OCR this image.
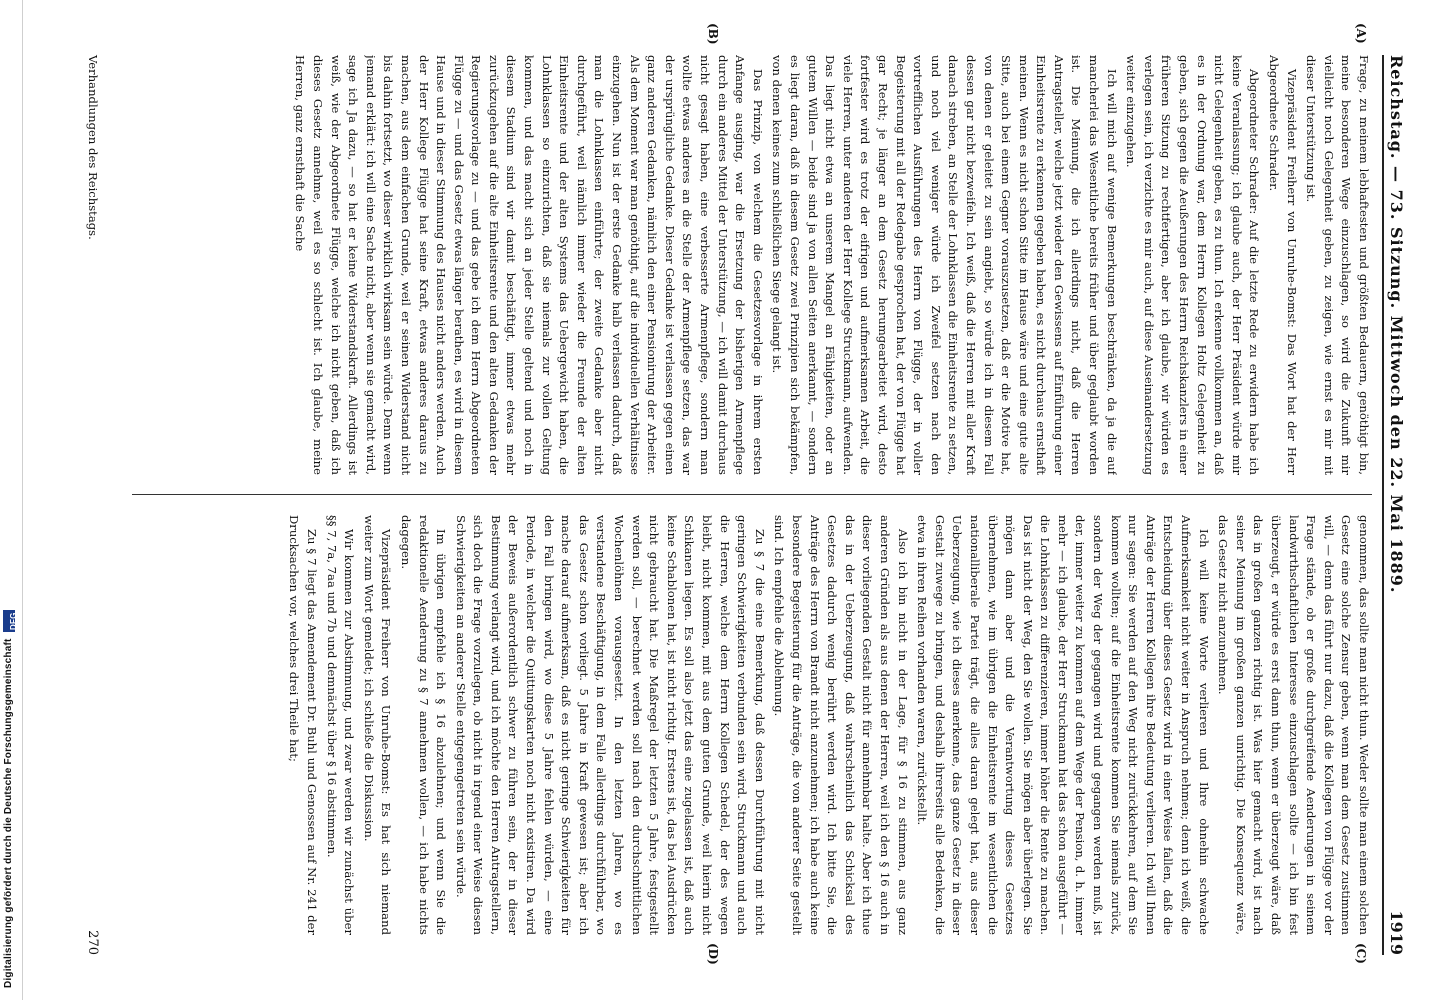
Digitalisierung gefördert durch die Deutsche Forschungsgemeinschaft
DFG
Reichstag. — 73. Sitzung. Mittwoch den 22. Mai 1889.
1919
(A)
(B)
(C)
(D)

Frage, zu meinem lebhaftesten und größten Bedauern, genöthigt bin, meine besonderen Wege einzuschlagen, so wird die Zukunft mir vielleicht noch Gelegenheit geben, zu zeigen, wie ernst es mir mit dieser Unterstützung ist.

Vizepräsident Freiherr von Unruhe-Bomst: Das Wort hat der Herr Abgeordnete Schrader.

Abgeordneter Schrader: Auf die letzte Rede zu erwidern habe ich keine Veranlassung; ich glaube auch, der Herr Präsident würde mir nicht Gelegenheit geben, es zu thun. Ich erkenne vollkommen an, daß es in der Ordnung war, dem Herrn Kollegen Holtz Gelegenheit zu geben, sich gegen die Aeußerungen des Herrn Reichskanzlers in einer früheren Sitzung zu rechtfertigen, aber ich glaube, wir würden es verlegen sein, ich verzichte es mir auch, auf diese Auseinandersetzung weiter einzugehen.

Ich will mich auf wenige Bemerkungen beschränken, da ja die auf mancherlei das Wesentliche bereits früher und über geglaubt worden ist. Die Meinung, die ich allerdings nicht, daß die Herren Antragsteller, welche jetzt wieder den Gewissens auf Einführung einer Einheitsrente zu erkennen gegeben haben, es nicht durchaus ernsthaft meinen. Wenn es nicht schon Sitte im Hause wäre und eine gute alte Sitte, auch bei einem Gegner vorauszusetzen, daß er die Motive hat, von denen er geleitet zu sein angiebt, so würde ich in diesem Fall dessen gar nicht bezweifeln. Ich weiß, daß die Herren mit aller Kraft danach streben, an Stelle der Lohnklassen die Einheitsrente zu setzen, und noch viel weniger würde ich Zweifel setzen nach den vortrefflichen Ausführungen des Herrn von Flügge, der in voller Begeisterung mit all der Redegabe gesprochen hat, der von Flügge hat gar Recht; je länger an dem Gesetz herumgearbeitet wird, desto fortfester wird es trotz der eifrigen und aufmerksamen Arbeit, die viele Herren, unter anderen der Herr Kollege Struckmann, aufwenden. Das liegt nicht etwa an unserem Mangel an Fähigkeiten, oder an gutem Willen — beide sind ja von allen Seiten anerkannt, — sondern es liegt daran, daß in diesem Gesetz zwei Prinzipien sich bekämpfen, von denen keines zum schließlichen Siege gelangt ist.

Das Prinzip, von welchem die Gesetzesvorlage in ihrem ersten Anfange ausging, war die Ersetzung der bisherigen Armenpflege durch ein anderes Mittel der Unterstützung, — ich will damit durchaus nicht gesagt haben, eine verbesserte Armenpflege, sondern man wollte etwas anderes an die Stelle der Armenpflege setzen, das war der ursprüngliche Gedanke. Dieser Gedanke ist verlassen gegen einen ganz anderen Gedanken, nämlich den einer Pensionirung der Arbeiter. Als dem Moment war man genöthigt, auf die individuellen Verhältnisse einzugehen. Nun ist der erste Gedanke halb verlassen dadurch, daß man die Lohnklassen einführte; der zweite Gedanke aber nicht durchgeführt, weil nämlich immer wieder die Freunde der alten Einheitsrente und der alten Systems das Uebergewicht haben, die Lohnklassen so einzurichten, daß sie niemals zur vollen Geltung kommen, und das macht sich an jeder Stelle geltend und noch in diesem Stadium sind wir damit beschäftigt, immer etwas mehr zurückzugehen auf die alte Einheitsrente und den alten Gedanken der Regierungsvorlage zu — und das gebe ich dem Herrn Abgeordneten Flügge zu — und das Gesetz etwas länger berathen, es wird in diesem Hause und in dieser Stimmung des Hauses nicht anders werden. Auch der Herr Kollege Flügge hat seine Kraft, etwas anderes daraus zu machen, aus dem einfachen Grunde, weil er seinen Widerstand nicht bis dahin fortsetzt, wo dieser wirklich wirksam sein würde. Denn wenn jemand erklärt: ich will eine Sache nicht, aber wenn sie gemacht wird, sage ich Ja dazu, — so hat er keine Widerstandskraft. Allerdings ist weiß, wie der Abgeordnete Flügge, welche ich nicht geben, daß ich dieses Gesetz annehme, weil es so schlecht ist. Ich glaube, meine Herren, ganz ernsthaft die Sache

genommen, das sollte man nicht thun. Weder sollte man einem solchen Gesetz eine solche Zensur geben, wenn man dem Gesetz zustimmen will, — denn das führt nur dazu, daß die Kollegen von Flügge vor der Frage stände, ob er große durchgreifende Aenderungen in seinem landwirthschaftlichen Interesse einzuschlagen sollte — ich bin fest überzeugt, er würde es erst dann thun, wenn er überzeugt wäre, daß das in großen ganzen richtig ist. Was hier gemacht wird, ist nach seiner Meinung im großen ganzen unrichtig. Die Konsequenz wäre, das Gesetz nicht anzunehmen.

Ich will keine Worte verlieren und Ihre ohnehin schwache Aufmerksamkeit nicht weiter in Anspruch nehmen; denn ich weiß, die Entscheidung über dieses Gesetz wird in einer Weise fallen, daß die Anträge der Herren Kollegen ihre Bedeutung verlieren. Ich will Ihnen nur sagen: Sie werden auf den Weg nicht zurückkehren, auf dem Sie kommen wollten; auf die Einheitsrente kommen Sie niemals zurück, sondern der Weg der gegangen wird und gegangen werden muß, ist der, immer weiter zu kommen auf dem Wege der Pension, d. h. immer mehr — ich glaube, der Herr Struckmann hat das schon ausgeführt — die Lohnklassen zu differenzieren, immer höher die Rente zu machen. Das ist nicht der Weg, den Sie wollen. Sie mögen aber überlegen. Sie mögen dann aber und die Verantwortung dieses Gesetzes übernehmen, wie im übrigen die Einheitsrente im wesentlichen die nationalliberale Partei trägt, die alles daran gelegt hat, aus dieser Ueberzeugung, wie ich dieses anerkenne, das ganze Gesetz in dieser Gestalt zuwege zu bringen, und deshalb ihrerseits alle Bedenken, die etwa in ihren Reihen vorhanden waren, zurückstellt.

Also ich bin nicht in der Lage, für § 16 zu stimmen, aus ganz anderen Gründen als aus denen der Herren, weil ich den § 16 auch in dieser vorliegenden Gestalt nicht für annehmbar halte. Aber ich thue das in der Ueberzeugung, daß wahrscheinlich das Schicksal des Gesetzes dadurch wenig berührt werden wird. Ich bitte Sie, die Anträge des Herrn von Brandt nicht anzunehmen; ich habe auch keine besondere Begeisterung für die Anträge, die von anderer Seite gestellt sind. Ich empfehle die Ablehnung.

Zu § 7 die eine Bemerkung, daß dessen Durchführung mit nicht geringen Schwierigkeiten verbunden sein wird. Struckmann und auch die Herren, welche dem Herrn Kollegen Schedel, der des wegen bleibt, nicht kommen, mit aus dem guten Grunde, weil hierin nicht Schikanen liegen. Es soll also jetzt das eine zugelassen ist, daß auch keine Schablonen hat, ist nicht richtig. Erstens ist, das bei Ausdrücken nicht gebraucht hat. Die Maßregel der letzten 5 Jahre, festgestellt werden soll, — berechnet werden soll nach den durchschnittlichen Wochenlöhnen vorausgesetzt. In den letzten Jahren, wo es verstandene Beschäftigung, in dem Falle allerdings durchführbar, wo das Gesetz schon vorliegt. 5 Jahre in Kraft gewesen ist; aber ich mache darauf aufmerksam, daß es nicht geringe Schwierigkeiten für den Fall bringen wird, wo diese 5 Jahre fehlen würden, — eine Periode, in welcher die Quittungskarten noch nicht existiren. Da wird der Beweis außerordentlich schwer zu führen sein, der in dieser Bestimmung verlangt wird, und ich möchte den Herren Antragstellern, sich doch die Frage vorzulegen, ob nicht in irgend einer Weise diesen Schwierigkeiten an anderer Stelle entgegengetreten sein würde.

Im übrigen empfehle ich § 16 abzulehnen; und wenn Sie die redaktionelle Aenderung zu § 7 annehmen wollen, — ich habe nichts dagegen.

Vizepräsident Freiherr von Unruhe-Bomst: Es hat sich niemand weiter zum Wort gemeldet; ich schließe die Diskussion.

Wir kommen zur Abstimmung, und zwar werden wir zunächst über §§ 7, 7a, 7aa und 7b und demnächst über § 16 abstimmen.

Zu § 7 liegt das Amendement Dr. Buhl und Genossen auf Nr. 241 der Drucksachen vor, welches drei Theile hat;

Verhandlungen des Reichstags.
270
